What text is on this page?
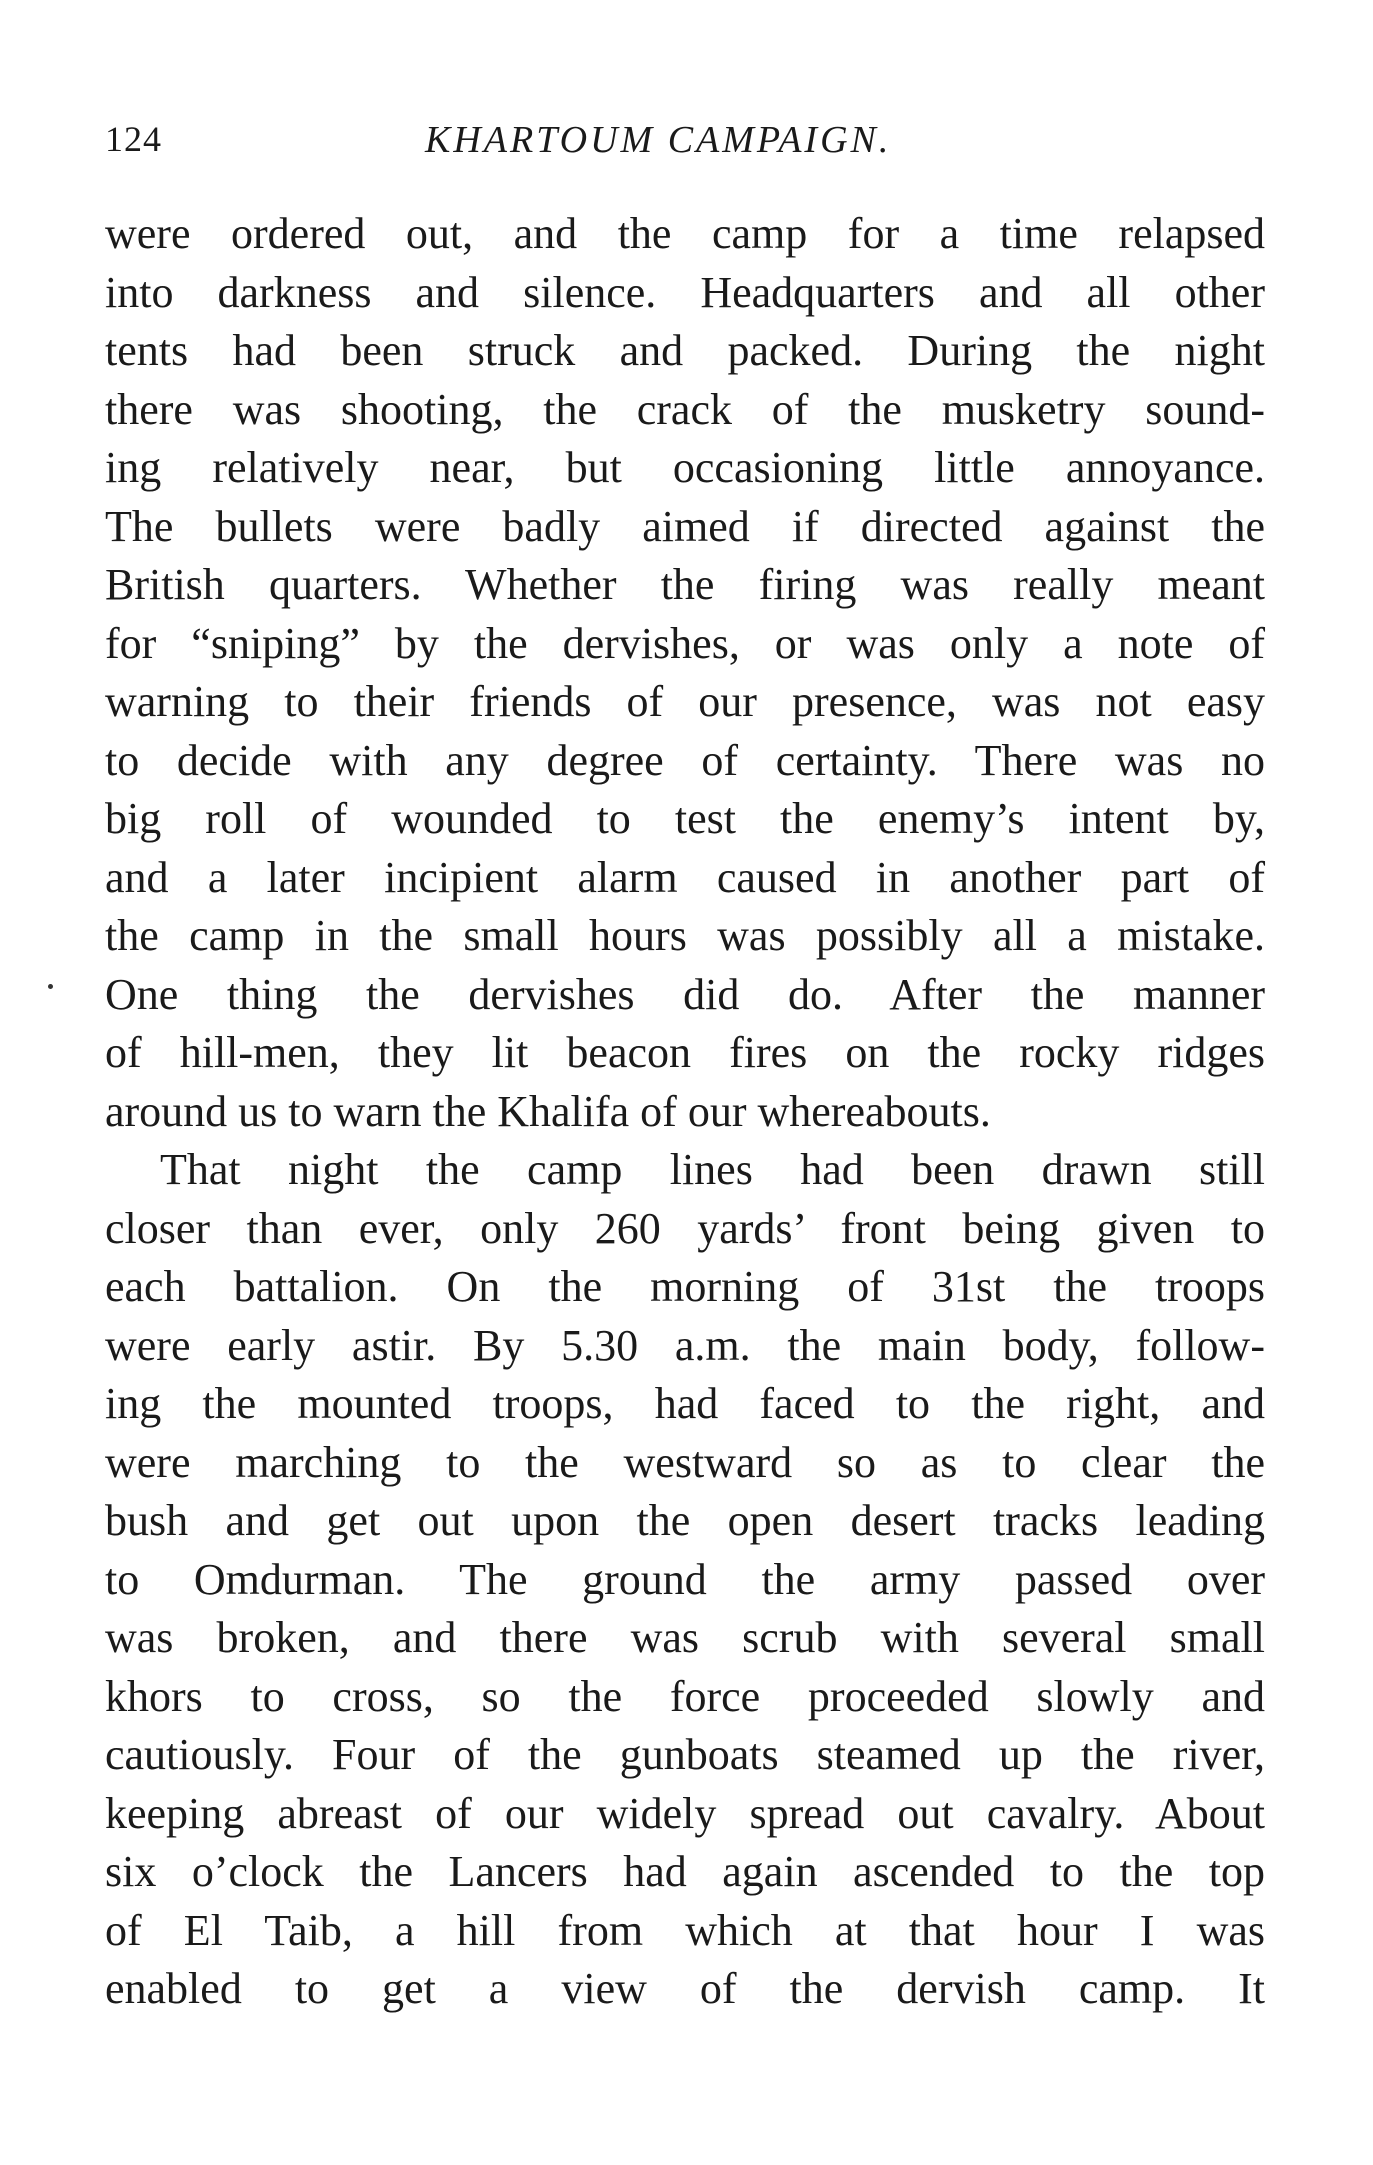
124	KHARTOUM CAMPAIGN.
were ordered out, and the camp for a time relapsed
into darkness and silence. Headquarters and all other
tents had been struck and packed. During the night
there was shooting, the crack of the musketry sound-
ing relatively near, but occasioning little annoyance.
The bullets were badly aimed if directed against the
British quarters. Whether the firing was really meant
for “sniping” by the dervishes, or was only a note of
warning to their friends of our presence, was not easy
to decide with any degree of certainty. There was no
big roll of wounded to test the enemy’s intent by,
and a later incipient alarm caused in another part of
the camp in the small hours was possibly all a mistake.
One thing the dervishes did do. After the manner
of hill-men, they lit beacon fires on the rocky ridges
around us to warn the Khalifa of our whereabouts.
That night the camp lines had been drawn still
closer than ever, only 260 yards’ front being given to
each battalion. On the morning of 31st the troops
were early astir. By 5.30 a.m. the main body, follow-
ing the mounted troops, had faced to the right, and
were marching to the westward so as to clear the
bush and get out upon the open desert tracks leading
to Omdurman. The ground the army passed over
was broken, and there was scrub with several small
khors to cross, so the force proceeded slowly and
cautiously. Four of the gunboats steamed up the river,
keeping abreast of our widely spread out cavalry. About
six o’clock the Lancers had again ascended to the top
of El Taib, a hill from which at that hour I was
enabled to get a view of the dervish camp. It
